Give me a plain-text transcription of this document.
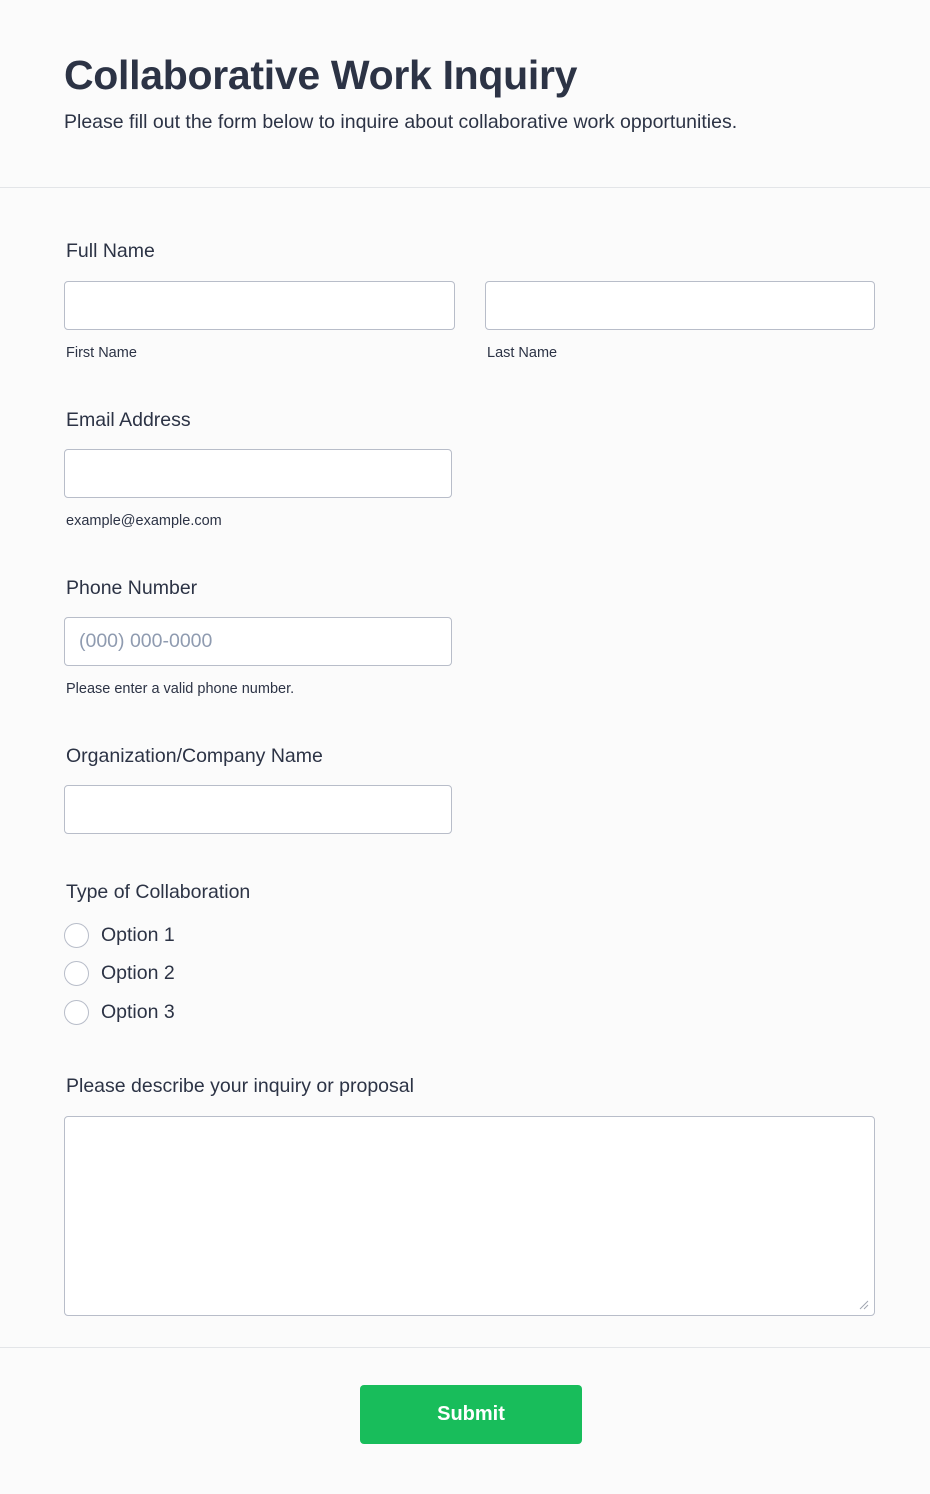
Collaborative Work Inquiry

Please fill out the form below to inquire about collaborative work opportunities.

Full Name
First Name	Last Name
Email Address
example@example.com
Phone Number
(000) 000-0000
Please enter a valid phone number.
Organization/Company Name
Type of Collaboration
Option 1
Option 2
Option 3
Please describe your inquiry or proposal
Submit
